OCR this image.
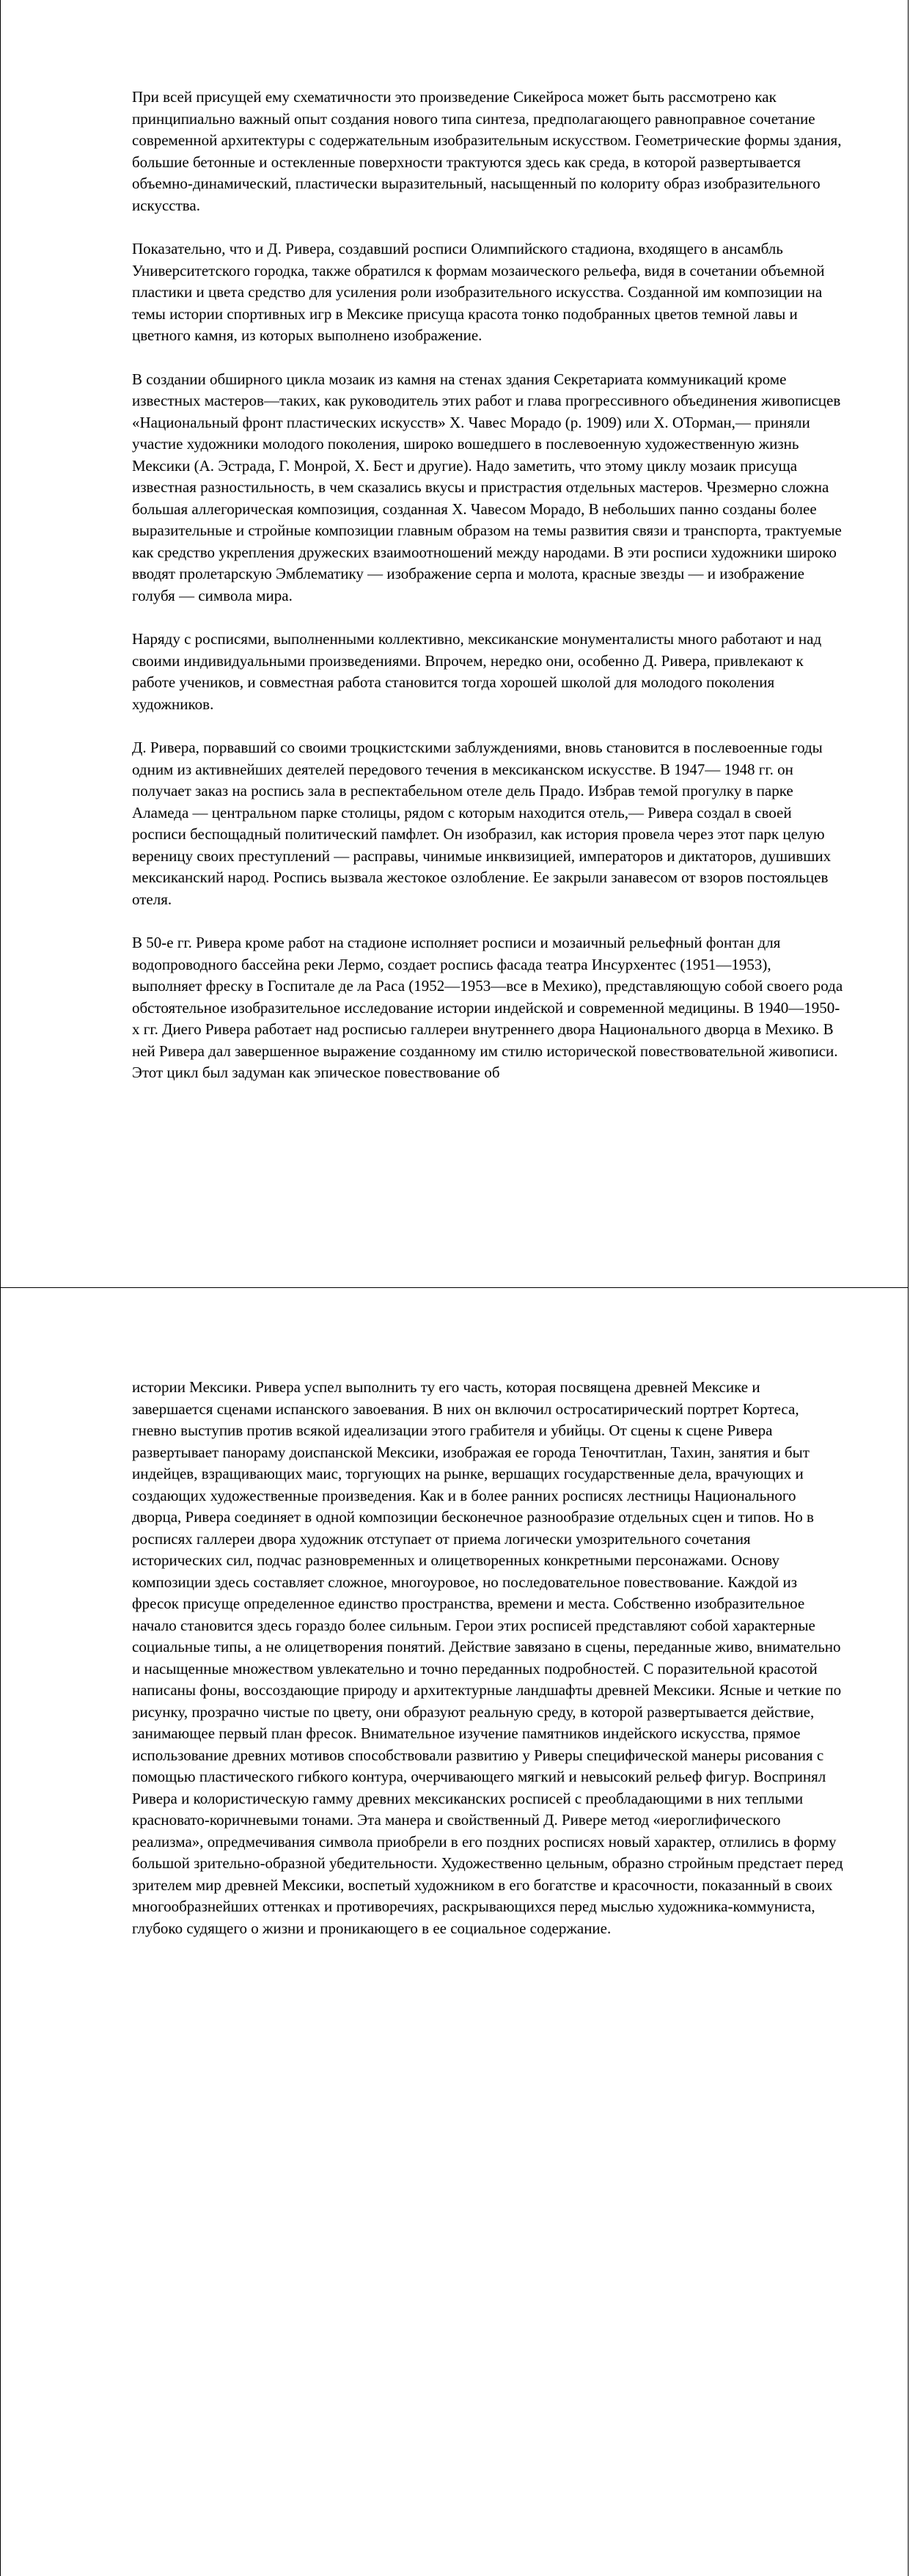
При всей присущей ему схематичности это произведение Сикейроса может быть рассмотрено как принципиально важный опыт создания нового типа синтеза, предполагающего равноправное сочетание современной архитектуры с содержательным изобразительным искусством. Геометрические формы здания, большие бетонные и остекленные поверхности трактуются здесь как среда, в которой развертывается объемно-динамический, пластически выразительный, насыщенный по колориту образ изобразительного искусства.

Показательно, что и Д. Ривера, создавший росписи Олимпийского стадиона, входящего в ансамбль Университетского городка, также обратился к формам мозаического рельефа, видя в сочетании объемной пластики и цвета средство для усиления роли изобразительного искусства. Созданной им композиции на темы истории спортивных игр в Мексике присуща красота тонко подобранных цветов темной лавы и цветного камня, из которых выполнено изображение.

В создании обширного цикла мозаик из камня на стенах здания Секретариата коммуникаций кроме известных мастеров—таких, как руководитель этих работ и глава прогрессивного объединения живописцев «Национальный фронт пластических искусств» Х. Чавес Морадо (р. 1909) или Х. ОТорман,— приняли участие художники молодого поколения, широко вошедшего в послевоенную художественную жизнь Мексики (А. Эстрада, Г. Монрой, Х. Бест и другие). Надо заметить, что этому циклу мозаик присуща известная разностильность, в чем сказались вкусы и пристрастия отдельных мастеров. Чрезмерно сложна большая аллегорическая композиция, созданная Х. Чавесом Морадо, В небольших панно созданы более выразительные и стройные композиции главным образом на темы развития связи и транспорта, трактуемые как средство укрепления дружеских взаимоотношений между народами. В эти росписи художники широко вводят пролетарскую Эмблематику — изображение серпа и молота, красные звезды — и изображение голубя — символа мира.

Наряду с росписями, выполненными коллективно, мексиканские монументалисты много работают и над своими индивидуальными произведениями. Впрочем, нередко они, особенно Д. Ривера, привлекают к работе учеников, и совместная работа становится тогда хорошей школой для молодого поколения художников.

Д. Ривера, порвавший со своими троцкистскими заблуждениями, вновь становится в послевоенные годы одним из активнейших деятелей передового течения в мексиканском искусстве. В 1947— 1948 гг. он получает заказ на роспись зала в респектабельном отеле дель Прадо. Избрав темой прогулку в парке Аламеда — центральном парке столицы, рядом с которым находится отель,— Ривера создал в своей росписи беспощадный политический памфлет. Он изобразил, как история провела через этот парк целую вереницу своих преступлений — расправы, чинимые инквизицией, императоров и диктаторов, душивших мексиканский народ. Роспись вызвала жестокое озлобление. Ее закрыли занавесом от взоров постояльцев отеля.

В 50-е гг. Ривера кроме работ на стадионе исполняет росписи и мозаичный рельефный фонтан для водопроводного бассейна реки Лермо, создает роспись фасада театра Инсурхентес (1951—1953), выполняет фреску в Госпитале де ла Раса (1952—1953—все в Мехико), представляющую собой своего рода обстоятельное изобразительное исследование истории индейской и современной медицины. В 1940—1950-х гг. Диего Ривера работает над росписью галлереи внутреннего двора Национального дворца в Мехико. В ней Ривера дал завершенное выражение созданному им стилю исторической повествовательной живописи. Этот цикл был задуман как эпическое повествование об

истории Мексики. Ривера успел выполнить ту его часть, которая посвящена древней Мексике и завершается сценами испанского завоевания. В них он включил остросатирический портрет Кортеса, гневно выступив против всякой идеализации этого грабителя и убийцы. От сцены к сцене Ривера развертывает панораму доиспанской Мексики, изображая ее города Теночтитлан, Тахин, занятия и быт индейцев, взращивающих маис, торгующих на рынке, вершащих государственные дела, врачующих и создающих художественные произведения. Как и в более ранних росписях лестницы Национального дворца, Ривера соединяет в одной композиции бесконечное разнообразие отдельных сцен и типов. Но в росписях галлереи двора художник отступает от приема логически умозрительного сочетания исторических сил, подчас разновременных и олицетворенных конкретными персонажами. Основу композиции здесь составляет сложное, многоуровое, но последовательное повествование. Каждой из фресок присуще определенное единство пространства, времени и места. Собственно изобразительное начало становится здесь гораздо более сильным. Герои этих росписей представляют собой характерные социальные типы, а не олицетворения понятий. Действие завязано в сцены, переданные живо, внимательно и насыщенные множеством увлекательно и точно переданных подробностей. С поразительной красотой написаны фоны, воссоздающие природу и архитектурные ландшафты древней Мексики. Ясные и четкие по рисунку, прозрачно чистые по цвету, они образуют реальную среду, в которой развертывается действие, занимающее первый план фресок. Внимательное изучение памятников индейского искусства, прямое использование древних мотивов способствовали развитию у Риверы специфической манеры рисования с помощью пластического гибкого контура, очерчивающего мягкий и невысокий рельеф фигур. Воспринял Ривера и колористическую гамму древних мексиканских росписей с преобладающими в них теплыми красновато-коричневыми тонами. Эта манера и свойственный Д. Ривере метод «иероглифического реализма», опредмечивания символа приобрели в его поздних росписях новый характер, отлились в форму большой зрительно-образной убедительности. Художественно цельным, образно стройным предстает перед зрителем мир древней Мексики, воспетый художником в его богатстве и красочности, показанный в своих многообразнейших оттенках и противоречиях, раскрывающихся перед мыслью художника-коммуниста, глубоко судящего о жизни и проникающего в ее социальное содержание.
